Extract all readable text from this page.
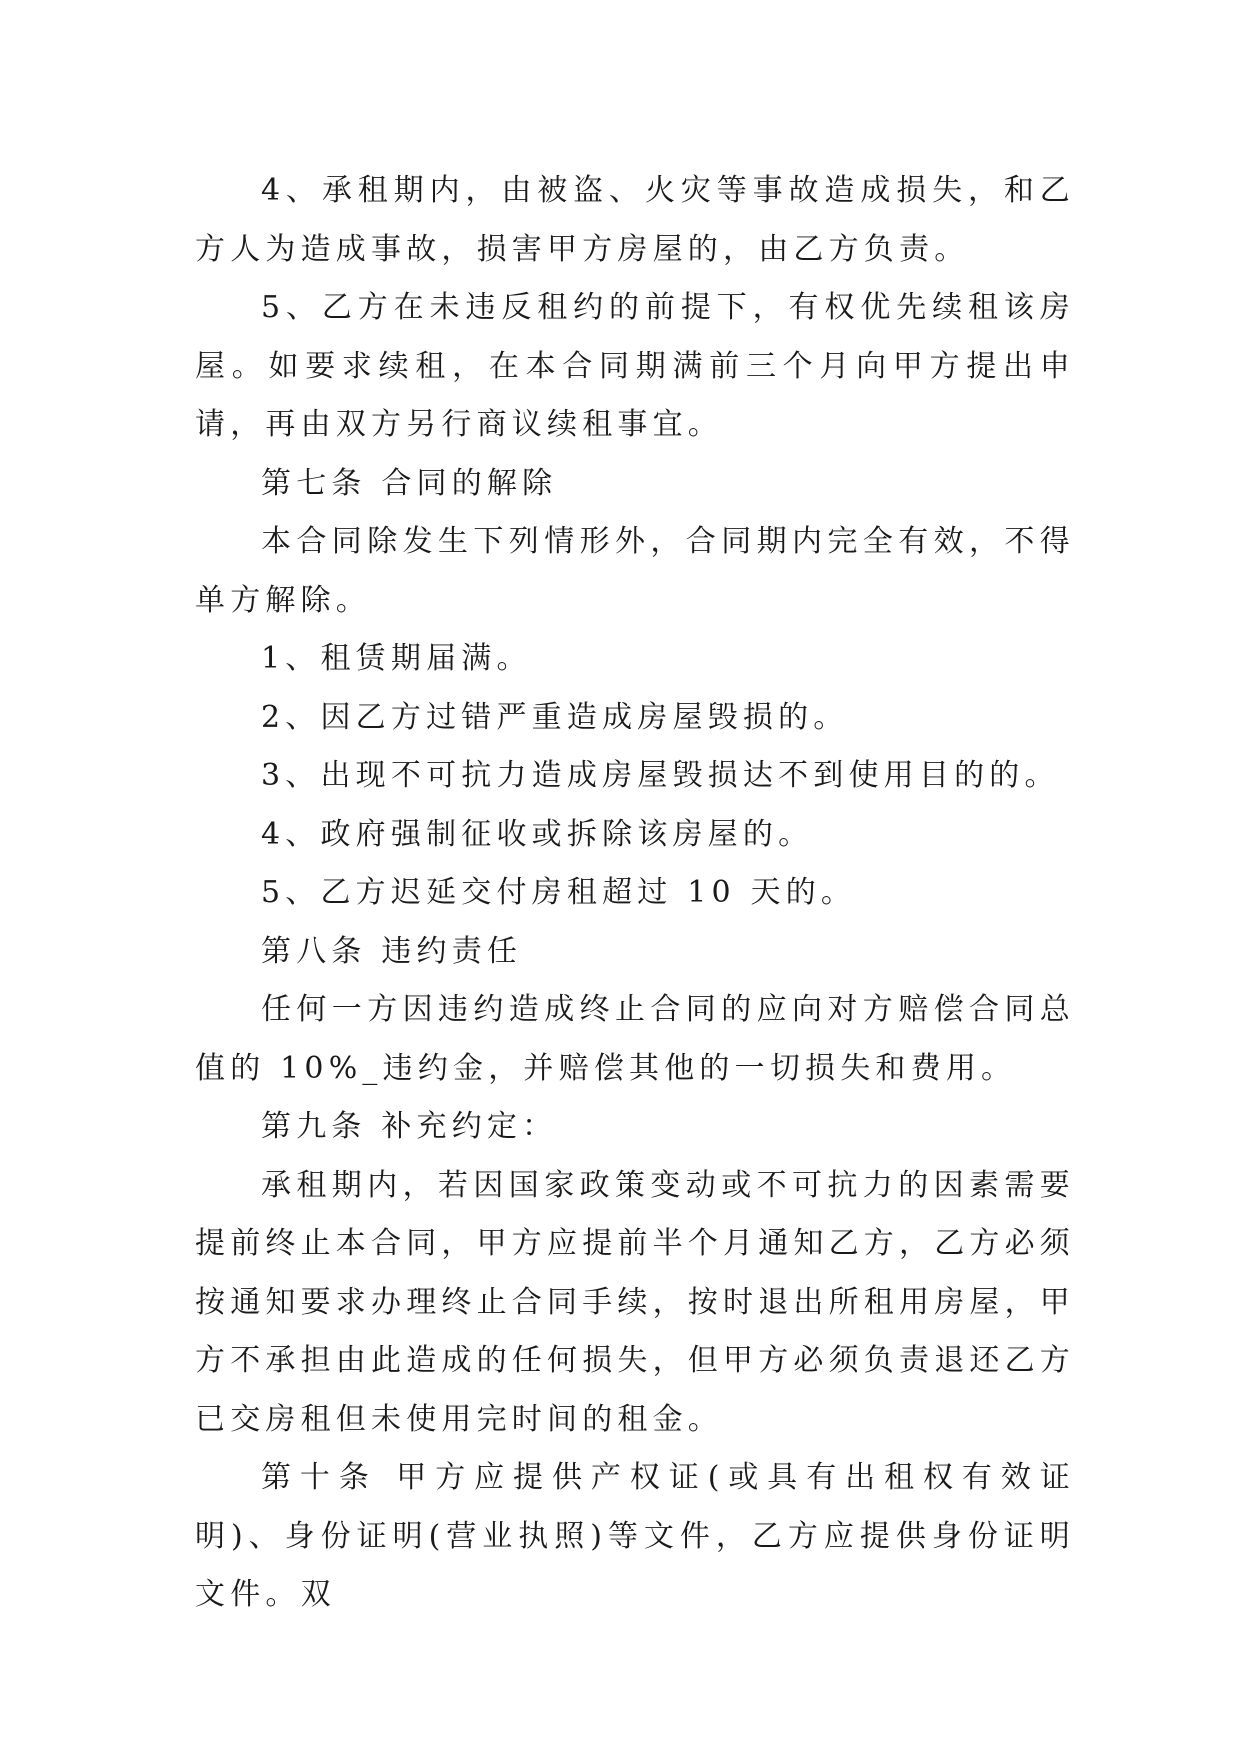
4、承租期内，由被盗、火灾等事故造成损失，和乙方人为造成事故，损害甲方房屋的，由乙方负责。

5、乙方在未违反租约的前提下，有权优先续租该房屋。如要求续租，在本合同期满前三个月向甲方提出申请，再由双方另行商议续租事宜。

第七条 合同的解除

本合同除发生下列情形外，合同期内完全有效，不得单方解除。

1、租赁期届满。

2、因乙方过错严重造成房屋毁损的。

3、出现不可抗力造成房屋毁损达不到使用目的的。

4、政府强制征收或拆除该房屋的。

5、乙方迟延交付房租超过 10 天的。

第八条 违约责任

任何一方因违约造成终止合同的应向对方赔偿合同总值的 10%_违约金，并赔偿其他的一切损失和费用。

第九条 补充约定：

承租期内，若因国家政策变动或不可抗力的因素需要提前终止本合同，甲方应提前半个月通知乙方，乙方必须按通知要求办理终止合同手续，按时退出所租用房屋，甲方不承担由此造成的任何损失，但甲方必须负责退还乙方已交房租但未使用完时间的租金。

第十条 甲方应提供产权证(或具有出租权有效证明)、身份证明(营业执照)等文件，乙方应提供身份证明文件。双
